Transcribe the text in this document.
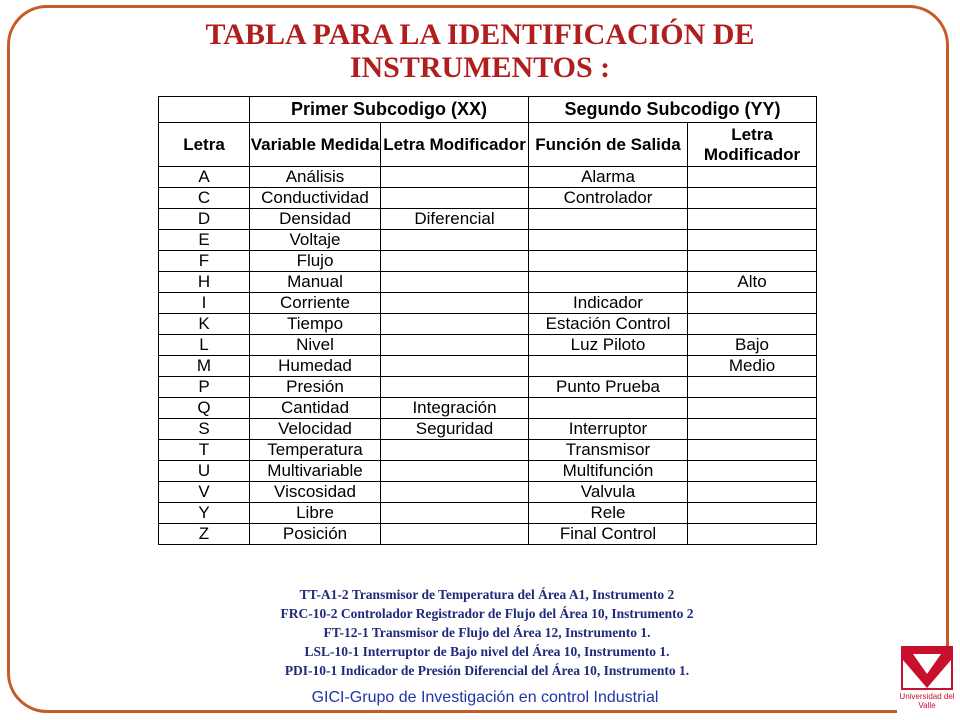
TABLA PARA LA IDENTIFICACIÓN DE INSTRUMENTOS :
	Primer Subcodigo (XX)		Segundo Subcodigo (YY)	
Letra	Variable Medida	Letra Modificador	Función de Salida	Letra Modificador
A	Análisis		Alarma	
C	Conductividad		Controlador	
D	Densidad	Diferencial		
E	Voltaje			
F	Flujo			
H	Manual			Alto
I	Corriente		Indicador	
K	Tiempo		Estación Control	
L	Nivel		Luz Piloto	Bajo
M	Humedad			Medio
P	Presión		Punto Prueba	
Q	Cantidad	Integración		
S	Velocidad	Seguridad	Interruptor	
T	Temperatura		Transmisor	
U	Multivariable		Multifunción	
V	Viscosidad		Valvula	
Y	Libre		Rele	
Z	Posición		Final Control	
TT-A1-2 Transmisor de Temperatura del Área A1, Instrumento 2
FRC-10-2 Controlador Registrador de Flujo del Área 10, Instrumento 2
FT-12-1 Transmisor de Flujo del Área 12, Instrumento 1.
LSL-10-1 Interruptor de Bajo nivel del Área 10, Instrumento 1.
PDI-10-1 Indicador de Presión Diferencial del Área 10, Instrumento 1.
GICI-Grupo de Investigación en control Industrial	Universidad del Valle
